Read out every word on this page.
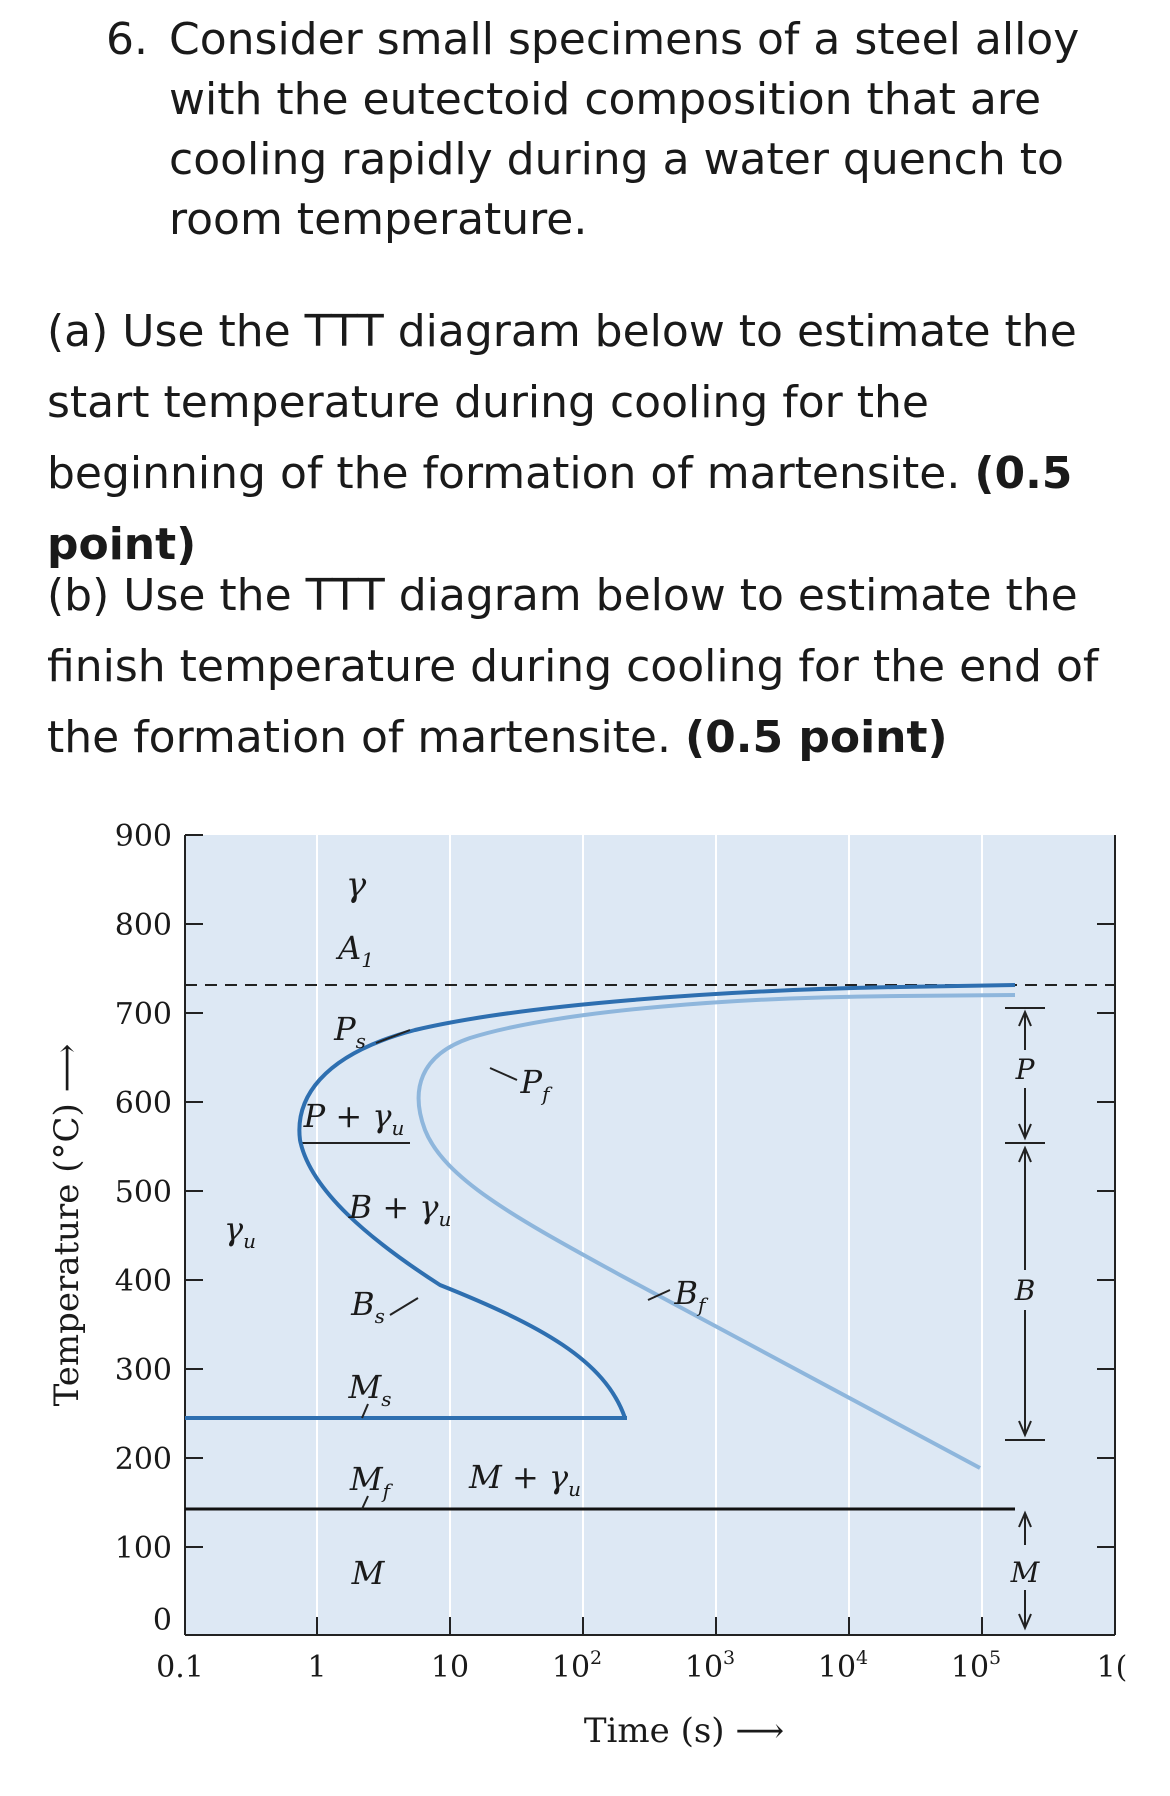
6. Consider small specimens of a steel alloy with the eutectoid composition that are cooling rapidly during a water quench to room temperature.
(a) Use the TTT diagram below to estimate the start temperature during cooling for the beginning of the formation of martensite. (0.5 point)
(b) Use the TTT diagram below to estimate the finish temperature during cooling for the end of the formation of martensite. (0.5 point)
900
800
700
600
500
400
300
200
100
0
0.1	1	10	$10^2$	$10^3$	$10^4$	$10^5$	1(
Time (s) ⟶
Temperature (°C) ⟶	P
B
M
γ
$A_1$
$P_s$
$P_f$
$P + \gamma_u$
$\gamma_u$
$B + \gamma_u$
$B_s$
$B_f$
$M_s$
$M_f$ $M + \gamma_u$
M
